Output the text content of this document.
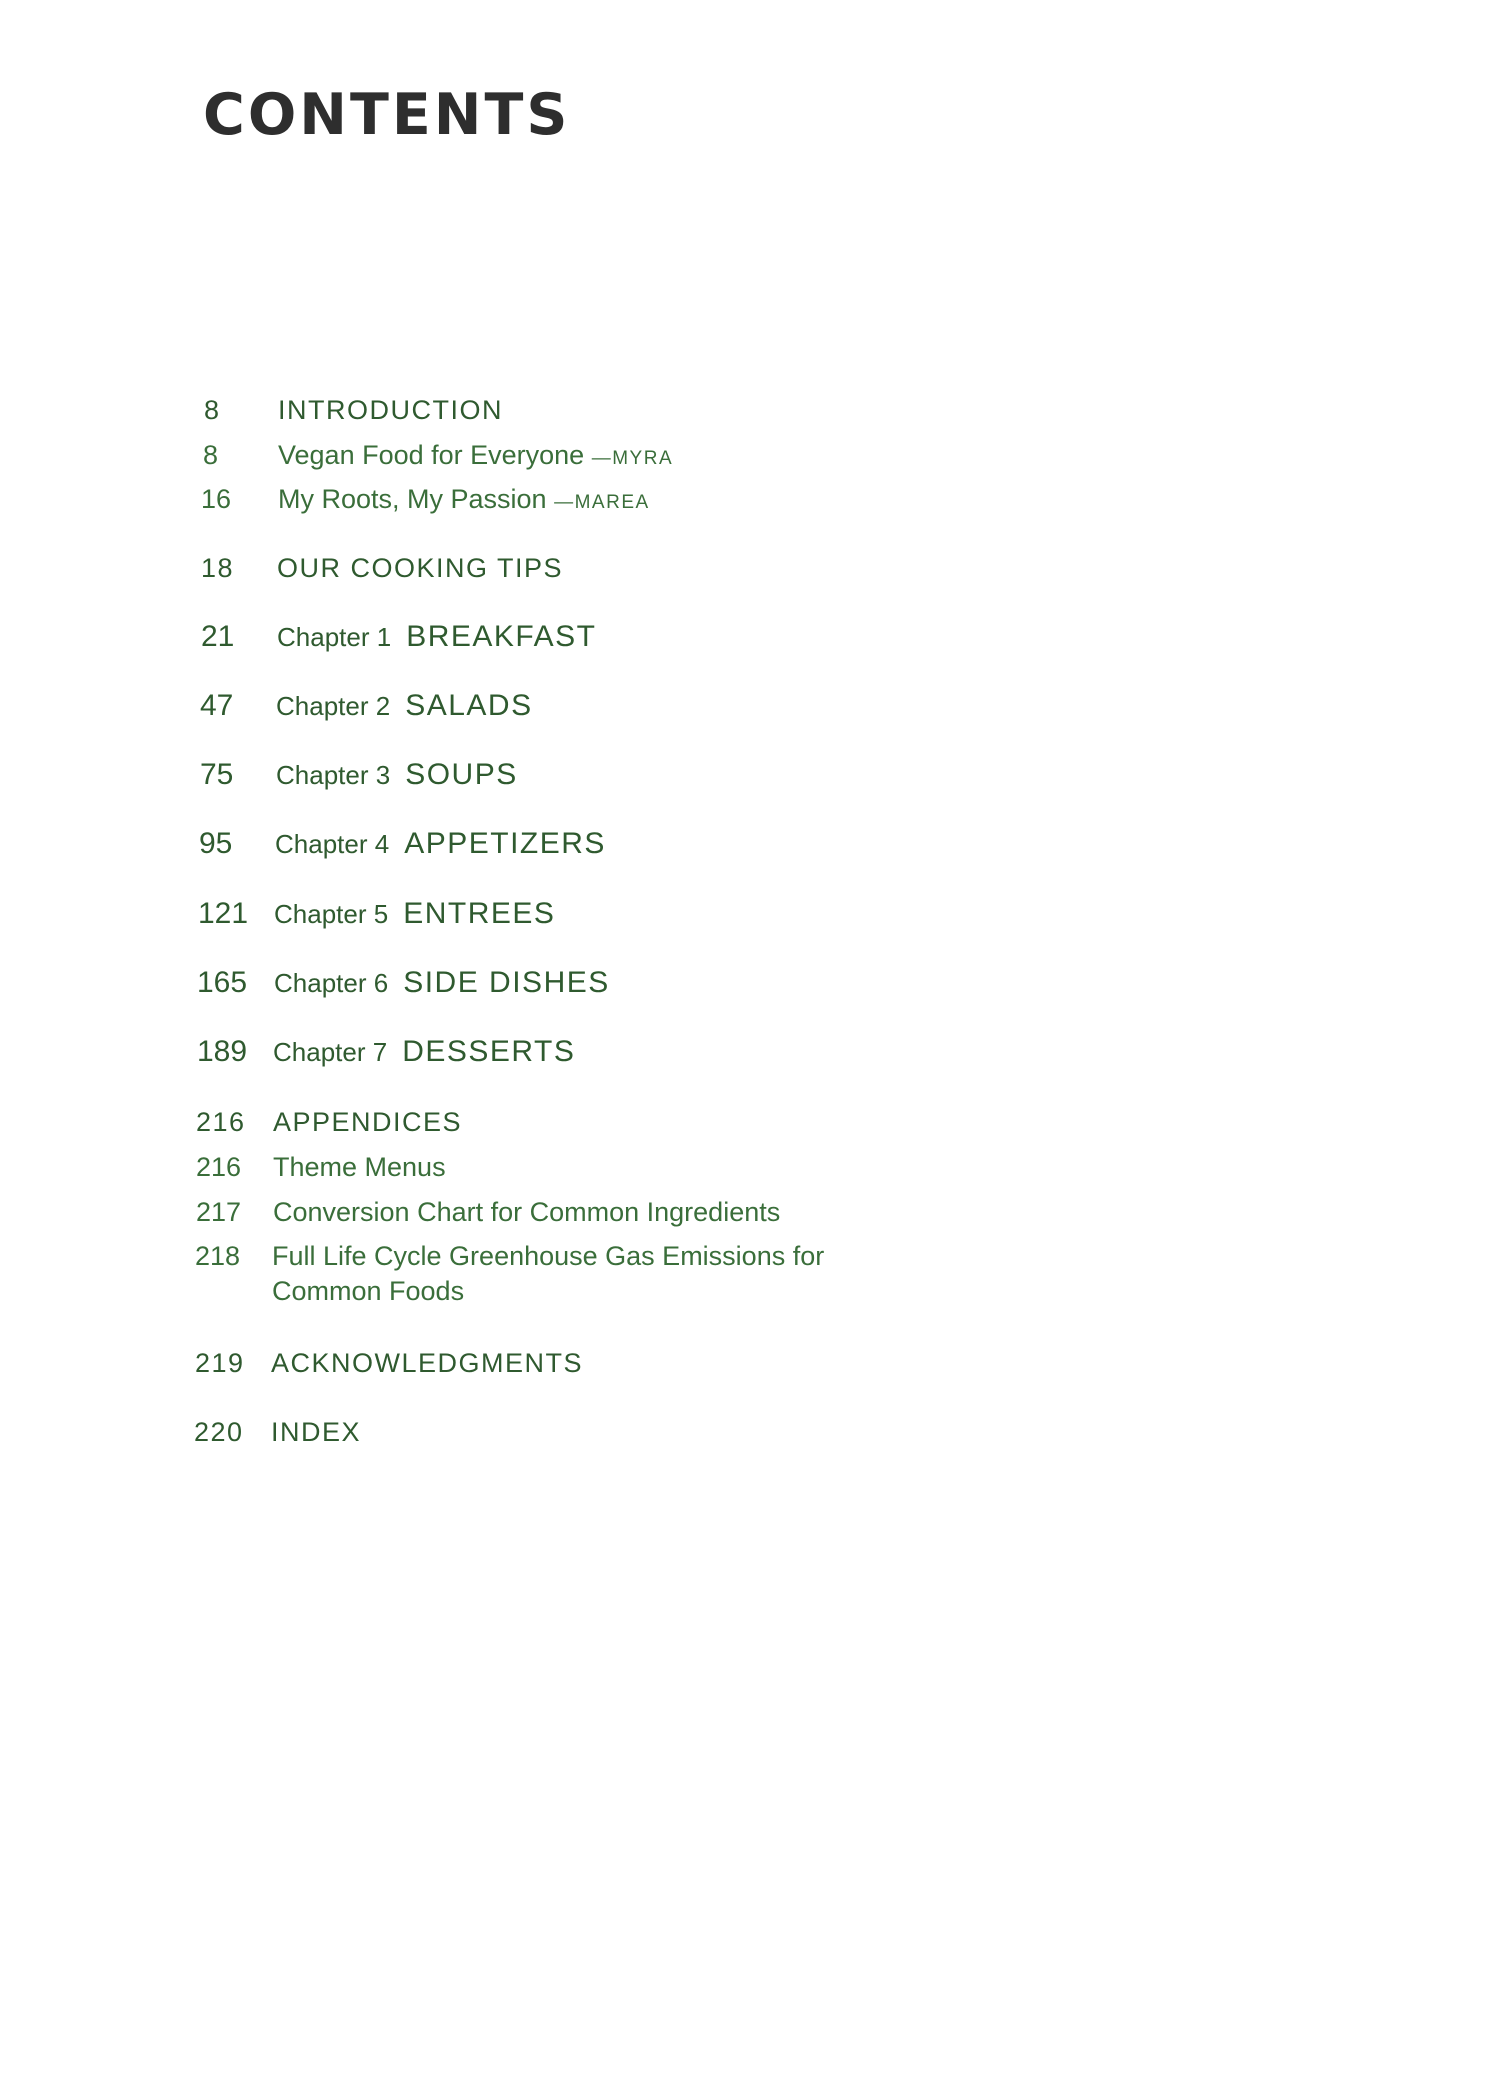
CONTENTS
8 INTRODUCTION
8 Vegan Food for Everyone —MYRA
16 My Roots, My Passion —MAREA
18 OUR COOKING TIPS
21 Chapter 1 BREAKFAST
47 Chapter 2 SALADS
75 Chapter 3 SOUPS
95 Chapter 4 APPETIZERS
121 Chapter 5 ENTREES
165 Chapter 6 SIDE DISHES
189 Chapter 7 DESSERTS
216 APPENDICES
216 Theme Menus
217 Conversion Chart for Common Ingredients
218 Full Life Cycle Greenhouse Gas Emissions for
Common Foods
219 ACKNOWLEDGMENTS
220 INDEX
